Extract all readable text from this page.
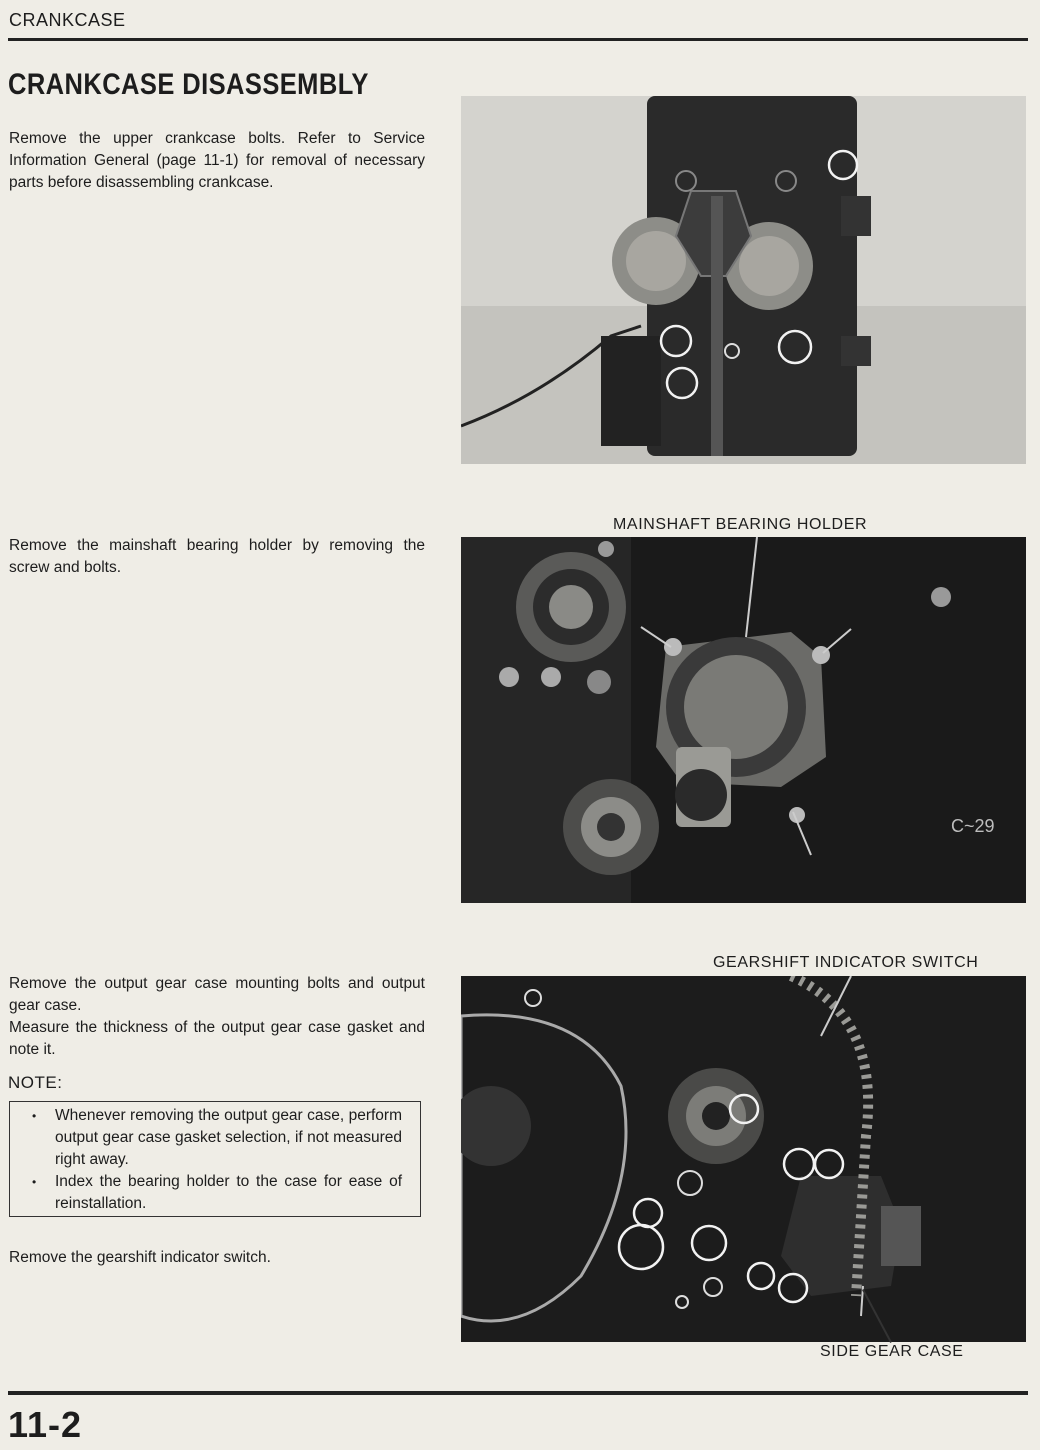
CRANKCASE
CRANKCASE DISASSEMBLY
Remove the upper crankcase bolts. Refer to Service Information General (page 11-1) for removal of necessary parts before disassembling crankcase.
Remove the mainshaft bearing holder by removing the screw and bolts.
Remove the output gear case mounting bolts and output gear case.
Measure the thickness of the output gear case gasket and note it.
NOTE:
• Whenever removing the output gear case, perform output gear case gasket selection, if not measured right away.
• Index the bearing holder to the case for ease of reinstallation.
Remove the gearshift indicator switch.
MAINSHAFT BEARING HOLDER
C~29
GEARSHIFT INDICATOR SWITCH
SIDE GEAR CASE
11-2
